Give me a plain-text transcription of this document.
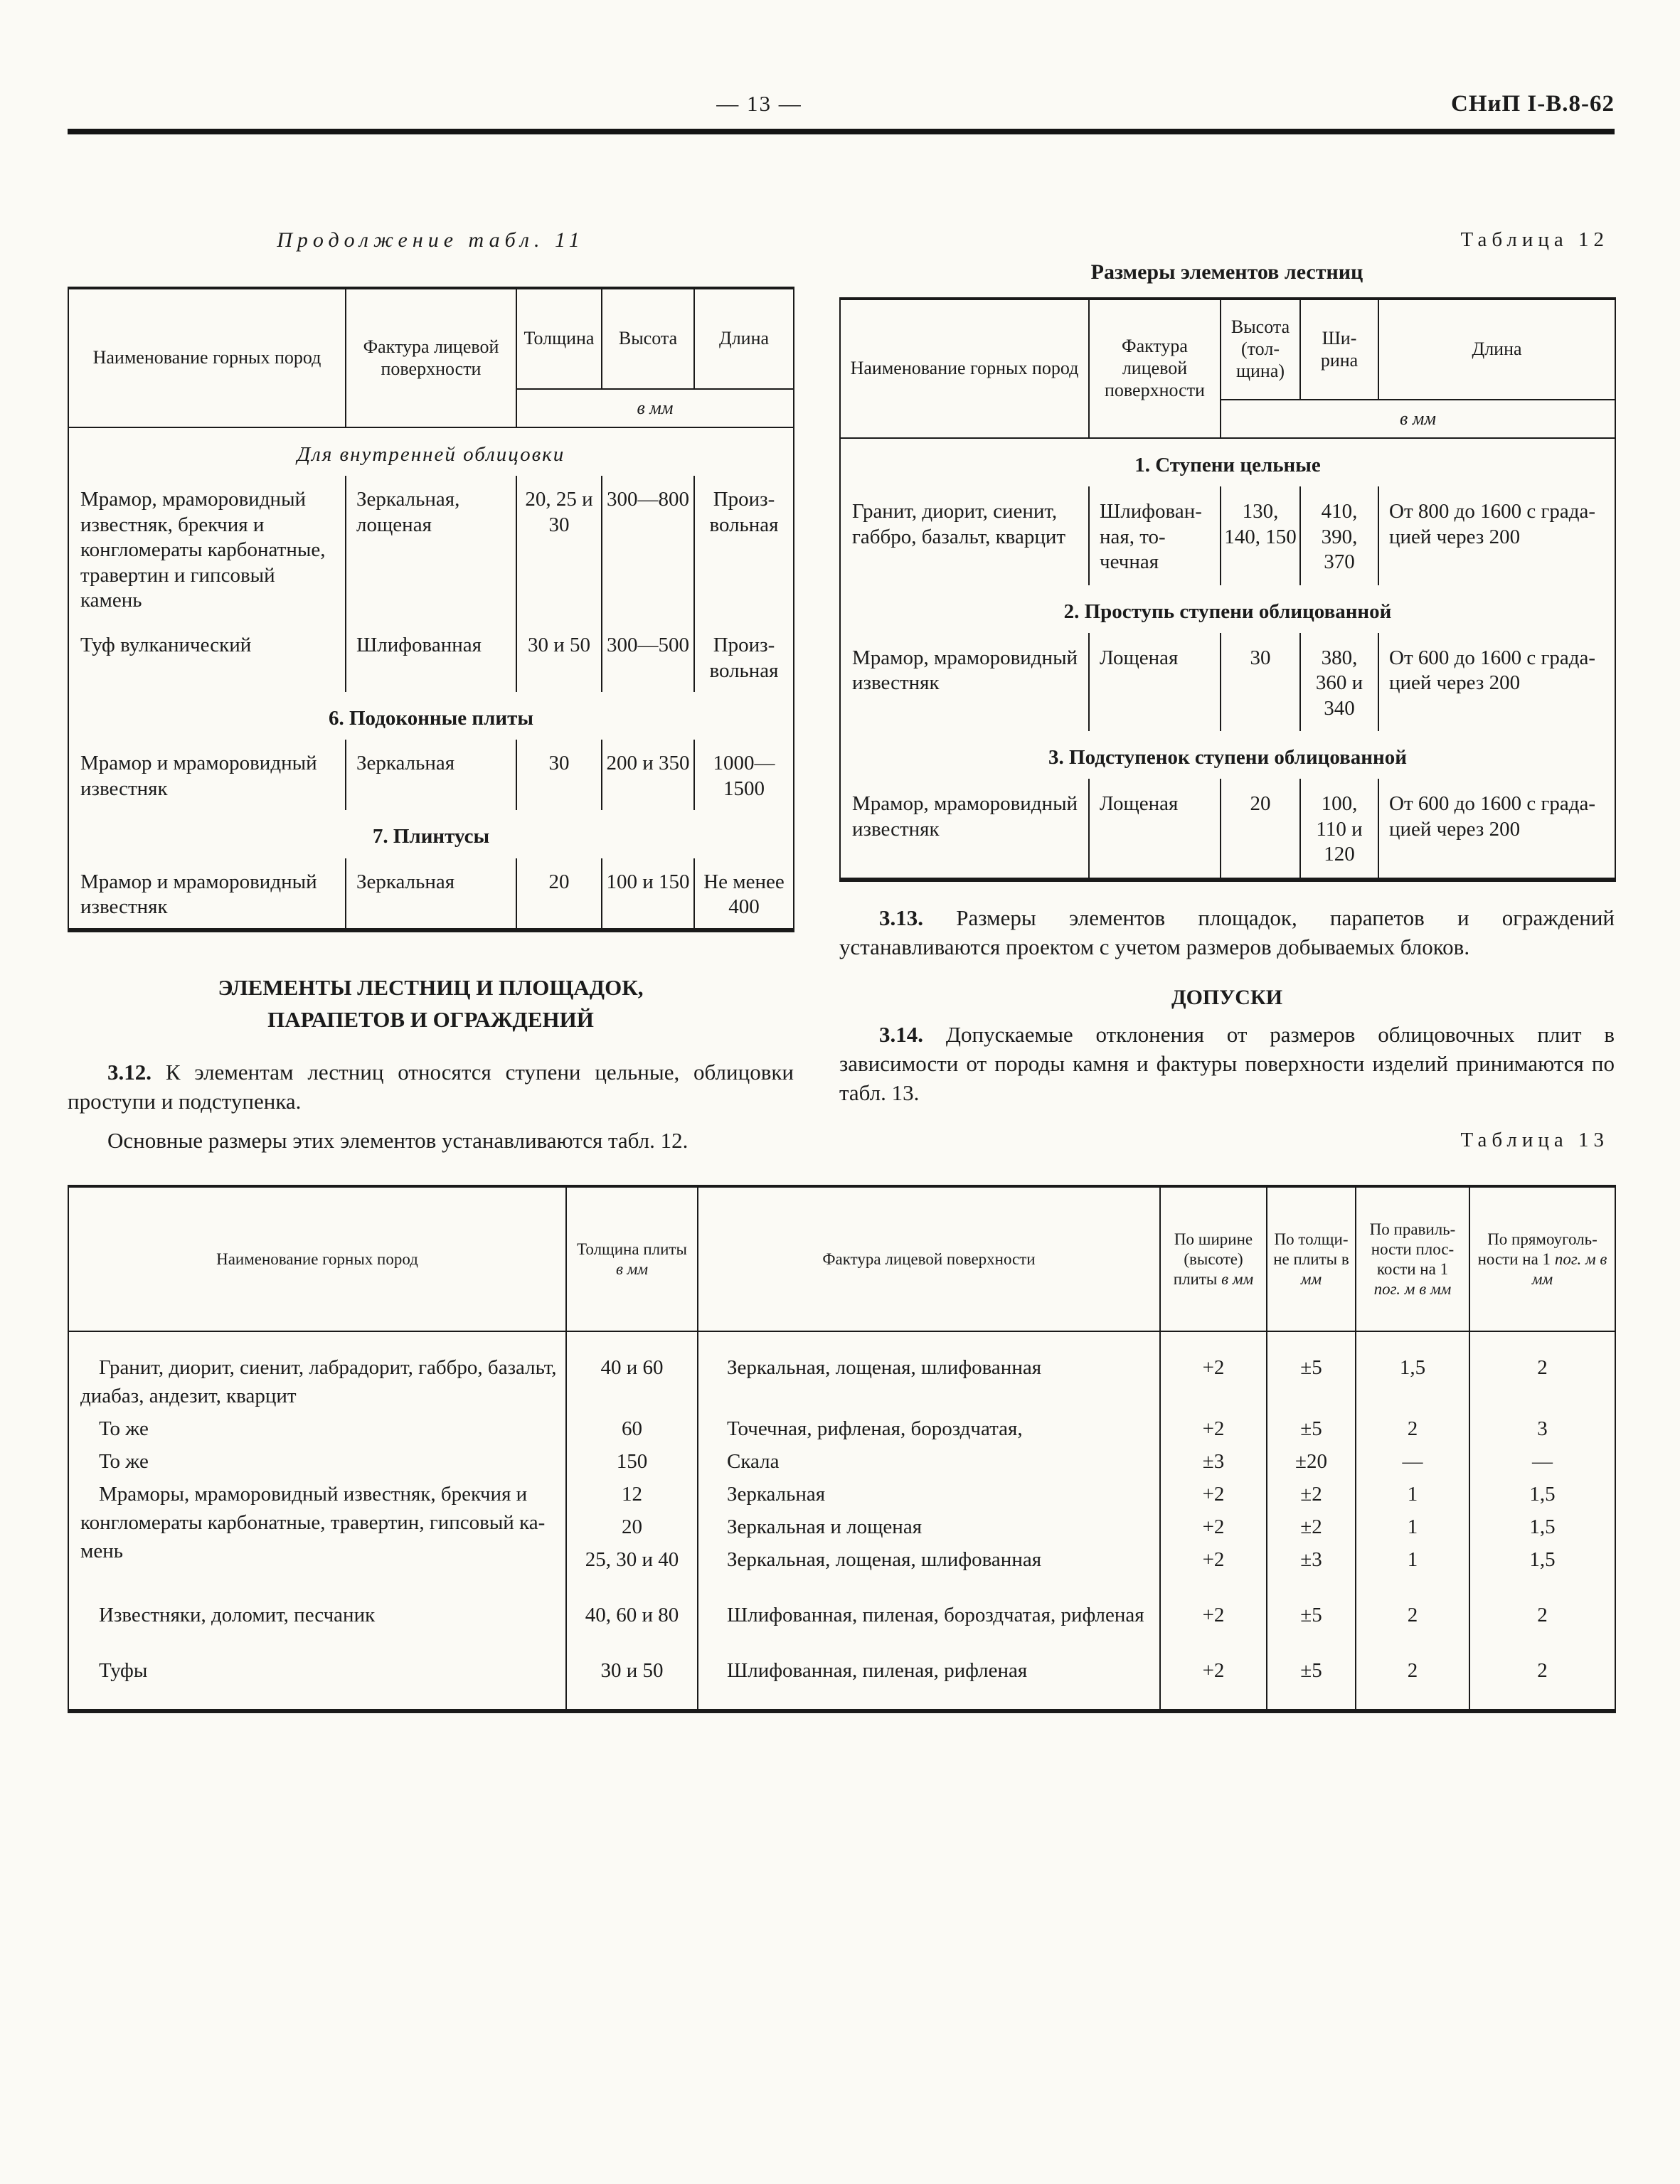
— 13 —	СНиП I-В.8-62
Продолжение табл. 11
Наименование горных пород	Фактура лицевой поверхности	Толщина	Высота	Длина
		в мм		
Для внутренней облицовки				
Мрамор, мраморовидный известняк, брекчия и конгломераты карбонатные, травертин и гипсовый камень	Зеркальная, лощеная	20, 25 и 30	300—800	Произвольная
Туф вулканический	Шлифованная	30 и 50	300—500	Произвольная
6. Подоконные плиты				
Мрамор и мраморовидный известняк	Зеркальная	30	200 и 350	1000—1500
7. Плинтусы				
Мрамор и мраморовидный известняк	Зеркальная	20	100 и 150	Не менее 400
ЭЛЕМЕНТЫ ЛЕСТНИЦ И ПЛОЩАДОК,
ПАРАПЕТОВ И ОГРАЖДЕНИЙ

3.12. К элементам лестниц относятся ступени цельные, облицовки проступи и подступенка.

Основные размеры этих элементов устанавливаются табл. 12.

Таблица 12
Размеры элементов лестниц
Наименование горных пород	Фактура лицевой поверхности	Высота (толщина)	Ширина	Длина
		в мм		
1. Ступени цельные				
Гранит, диорит, сиенит, габбро, базальт, кварцит	Шлифованная, точечная	130, 140, 150	410, 390, 370	От 800 до 1600 с градацией через 200
2. Проступь ступени облицованной				
Мрамор, мраморовидный известняк	Лощеная	30	380, 360 и 340	От 600 до 1600 с градацией через 200
3. Подступенок ступени облицованной				
Мрамор, мраморовидный известняк	Лощеная	20	100, 110 и 120	От 600 до 1600 с градацией через 200

3.13. Размеры элементов площадок, парапетов и ограждений устанавливаются проектом с учетом размеров добываемых блоков.

ДОПУСКИ

3.14. Допускаемые отклонения от размеров облицовочных плит в зависимости от породы камня и фактуры поверхности изделий принимаются по табл. 13.

Таблица 13
Наименование горных пород	Толщина плиты в мм	Фактура лицевой поверхности	По ширине (высоте) плиты в мм	По толщине плиты в мм	По правильности плоскости на 1 пог. м в мм	По прямоугольности на 1 пог. м в мм
Гранит, диорит, сиенит, лабрадорит, габбро, базальт, диабаз, андезит, кварцит	40 и 60	Зеркальная, лощеная, шлифованная	+2	±5	1,5	2
То же	60	Точечная, рифленая, бороздчатая,	+2	±5	2	3
То же	150	Скала	±3	±20	—	—
Мраморы, мраморовидный известняк, брекчия и конгломераты карбонатные, травертин, гипсовый камень	12	Зеркальная	+2	±2	1	1,5
	20	Зеркальная и лощеная	+2	±2	1	1,5
	25, 30 и 40	Зеркальная, лощеная, шлифованная	+2	±3	1	1,5
Известняки, доломит, песчаник	40, 60 и 80	Шлифованная, пиленая, бороздчатая, рифленая	+2	±5	2	2
Туфы	30 и 50	Шлифованная, пиленая, рифленая	+2	±5	2	2
